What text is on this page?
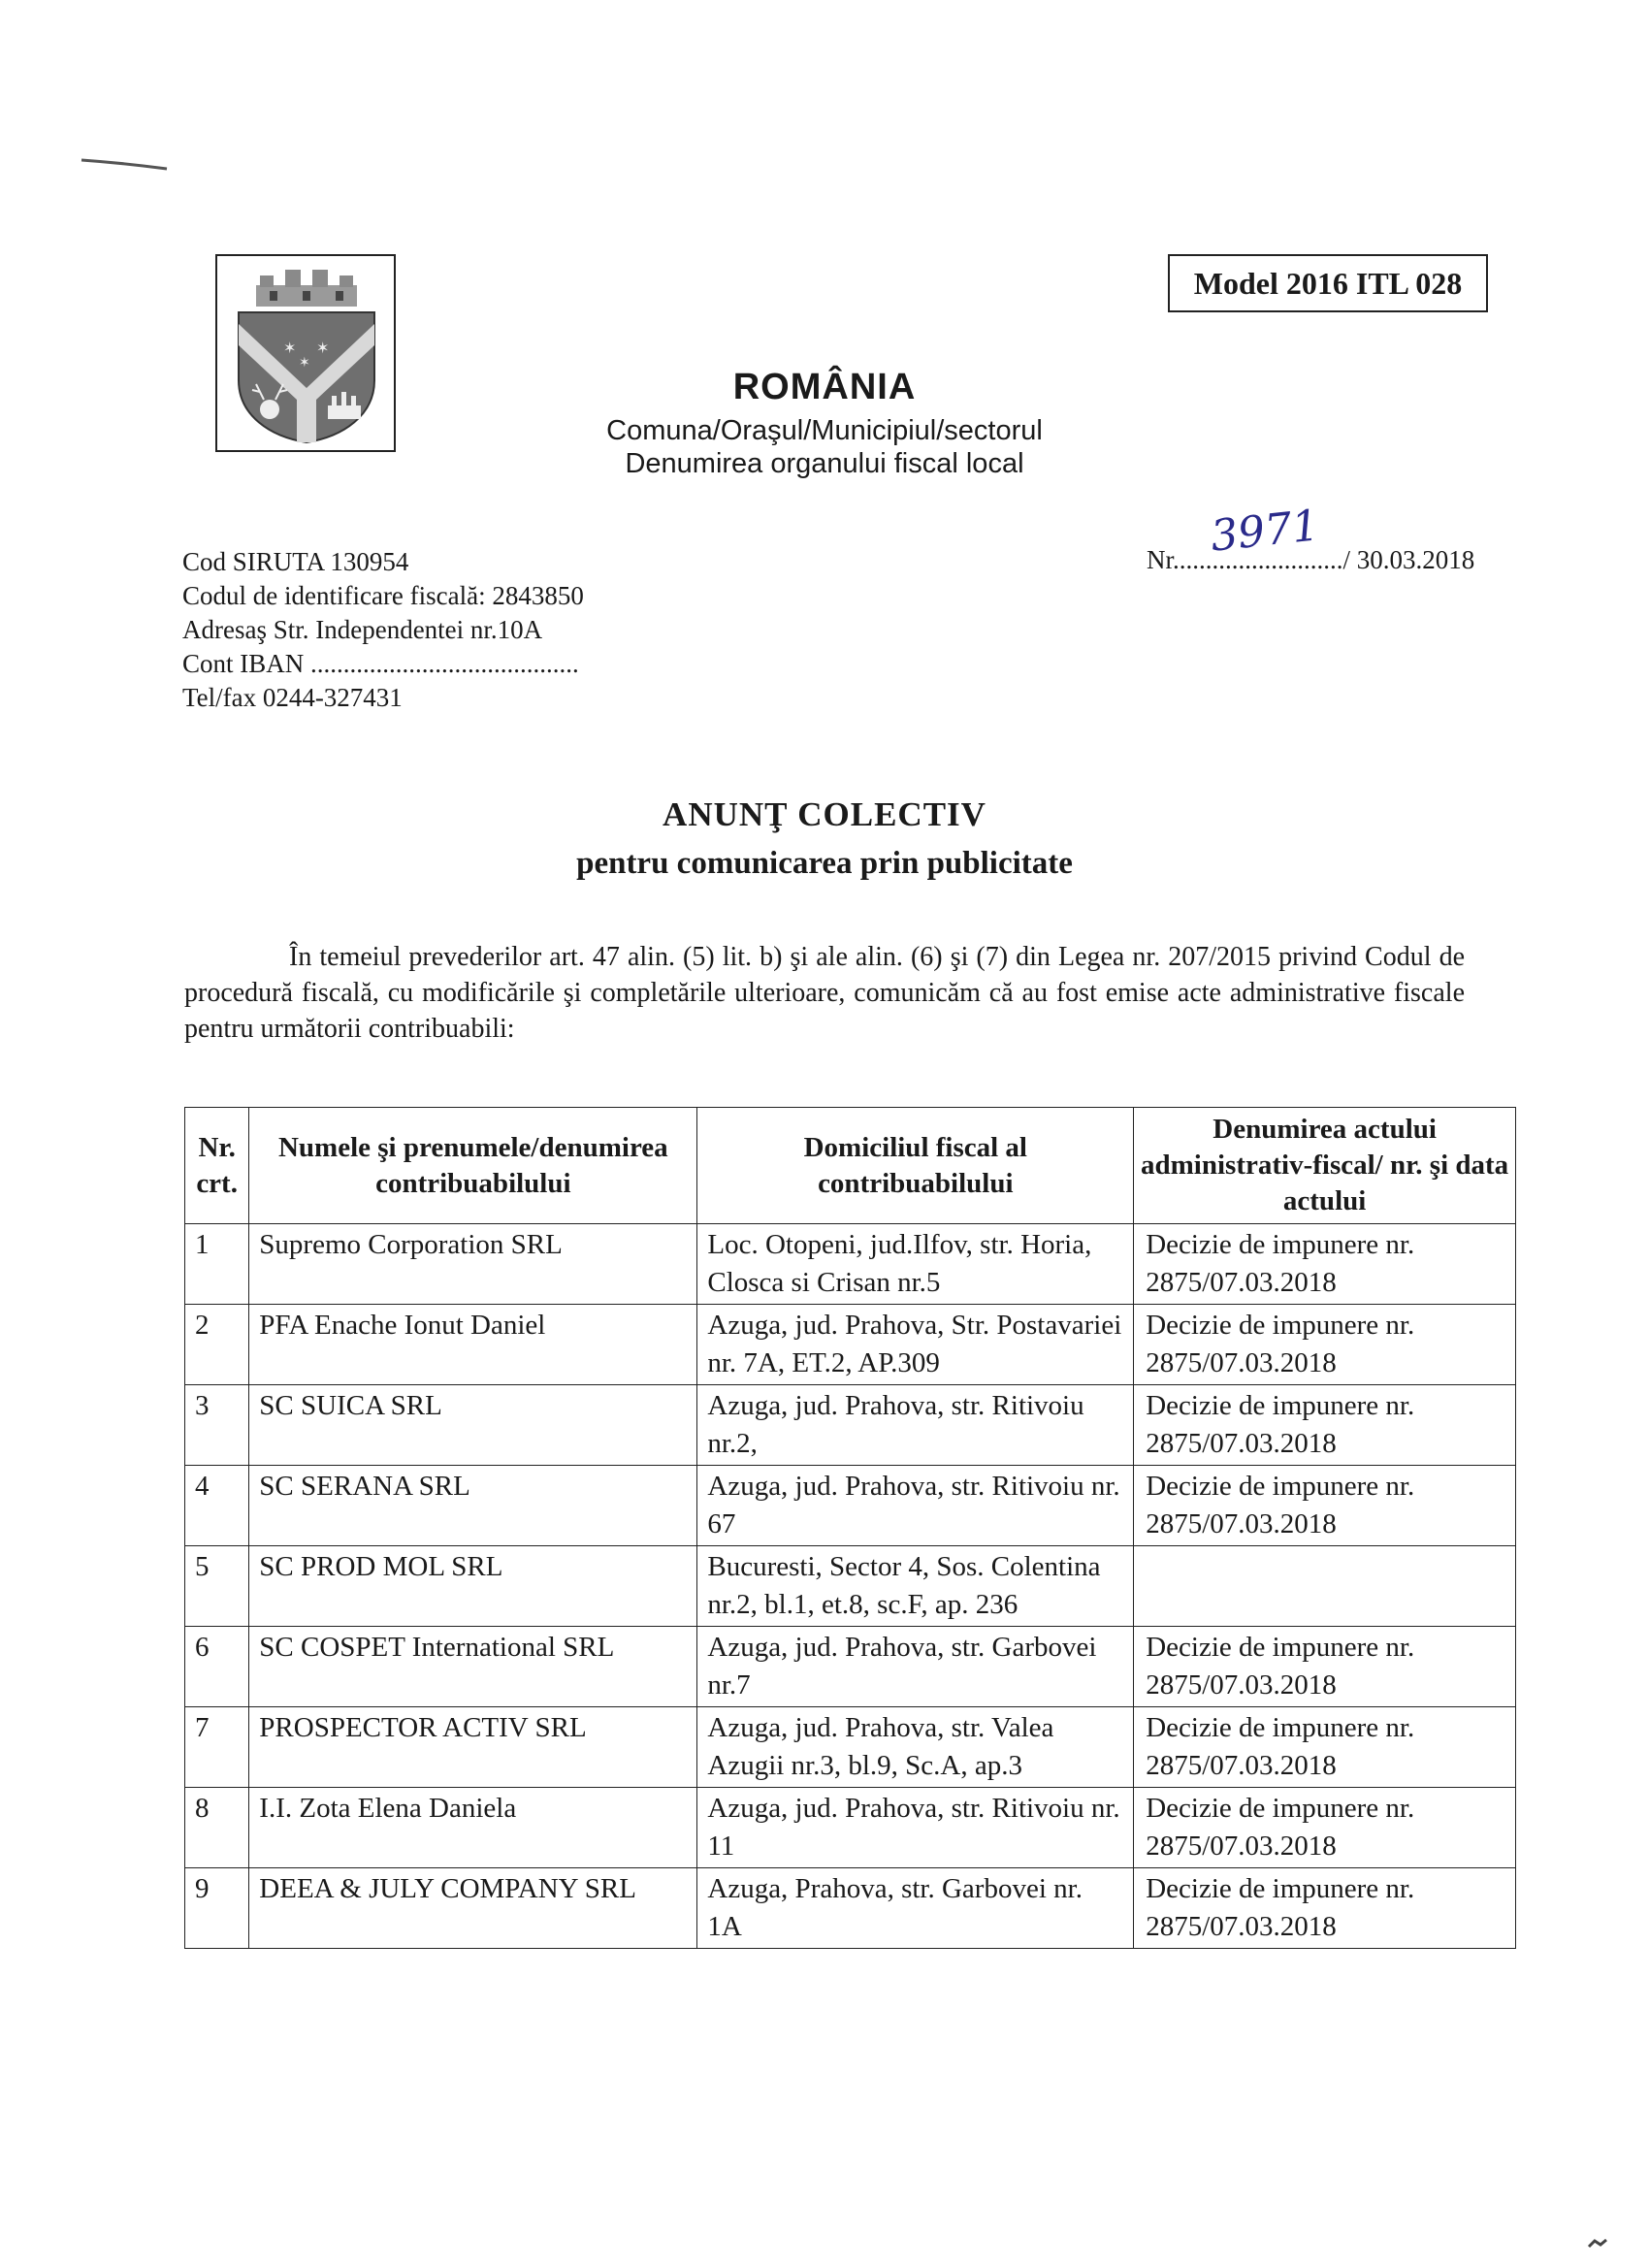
✶ ✶
✶
Model 2016 ITL 028
ROMÂNIA
Comuna/Oraşul/Municipiul/sectorul
Denumirea organului fiscal local
Cod SIRUTA 130954
Codul de identificare fiscală: 2843850
Adresaş Str. Independentei nr.10A
Cont IBAN .........................................
Tel/fax 0244-327431
3971
Nr........................../ 30.03.2018
ANUNŢ COLECTIV
pentru comunicarea prin publicitate
În temeiul prevederilor art. 47 alin. (5) lit. b) şi ale alin. (6) şi (7) din Legea nr. 207/2015 privind Codul de procedură fiscală, cu modificările şi completările ulterioare, comunicăm că au fost emise acte administrative fiscale pentru următorii contribuabili:
Nr. crt.	Numele şi prenumele/denumirea contribuabilului	Domiciliul fiscal al contribuabilului	Denumirea actului administrativ-fiscal/ nr. şi data actului
1	Supremo Corporation SRL	Loc. Otopeni, jud.Ilfov, str. Horia, Closca si Crisan nr.5	Decizie de impunere nr. 2875/07.03.2018
2	PFA Enache Ionut Daniel	Azuga, jud. Prahova, Str. Postavariei nr. 7A, ET.2, AP.309	Decizie de impunere nr. 2875/07.03.2018
3	SC SUICA SRL	Azuga, jud. Prahova, str. Ritivoiu nr.2,	Decizie de impunere nr. 2875/07.03.2018
4	SC SERANA SRL	Azuga, jud. Prahova, str. Ritivoiu nr. 67	Decizie de impunere nr. 2875/07.03.2018
5	SC PROD MOL SRL	Bucuresti, Sector 4, Sos. Colentina nr.2, bl.1, et.8, sc.F, ap. 236	
6	SC COSPET International SRL	Azuga, jud. Prahova, str. Garbovei nr.7	Decizie de impunere nr. 2875/07.03.2018
7	PROSPECTOR ACTIV SRL	Azuga, jud. Prahova, str. Valea Azugii nr.3, bl.9, Sc.A, ap.3	Decizie de impunere nr. 2875/07.03.2018
8	I.I. Zota Elena Daniela	Azuga, jud. Prahova, str. Ritivoiu nr. 11	Decizie de impunere nr. 2875/07.03.2018
9	DEEA & JULY COMPANY SRL	Azuga, Prahova, str. Garbovei nr. 1A	Decizie de impunere nr. 2875/07.03.2018
